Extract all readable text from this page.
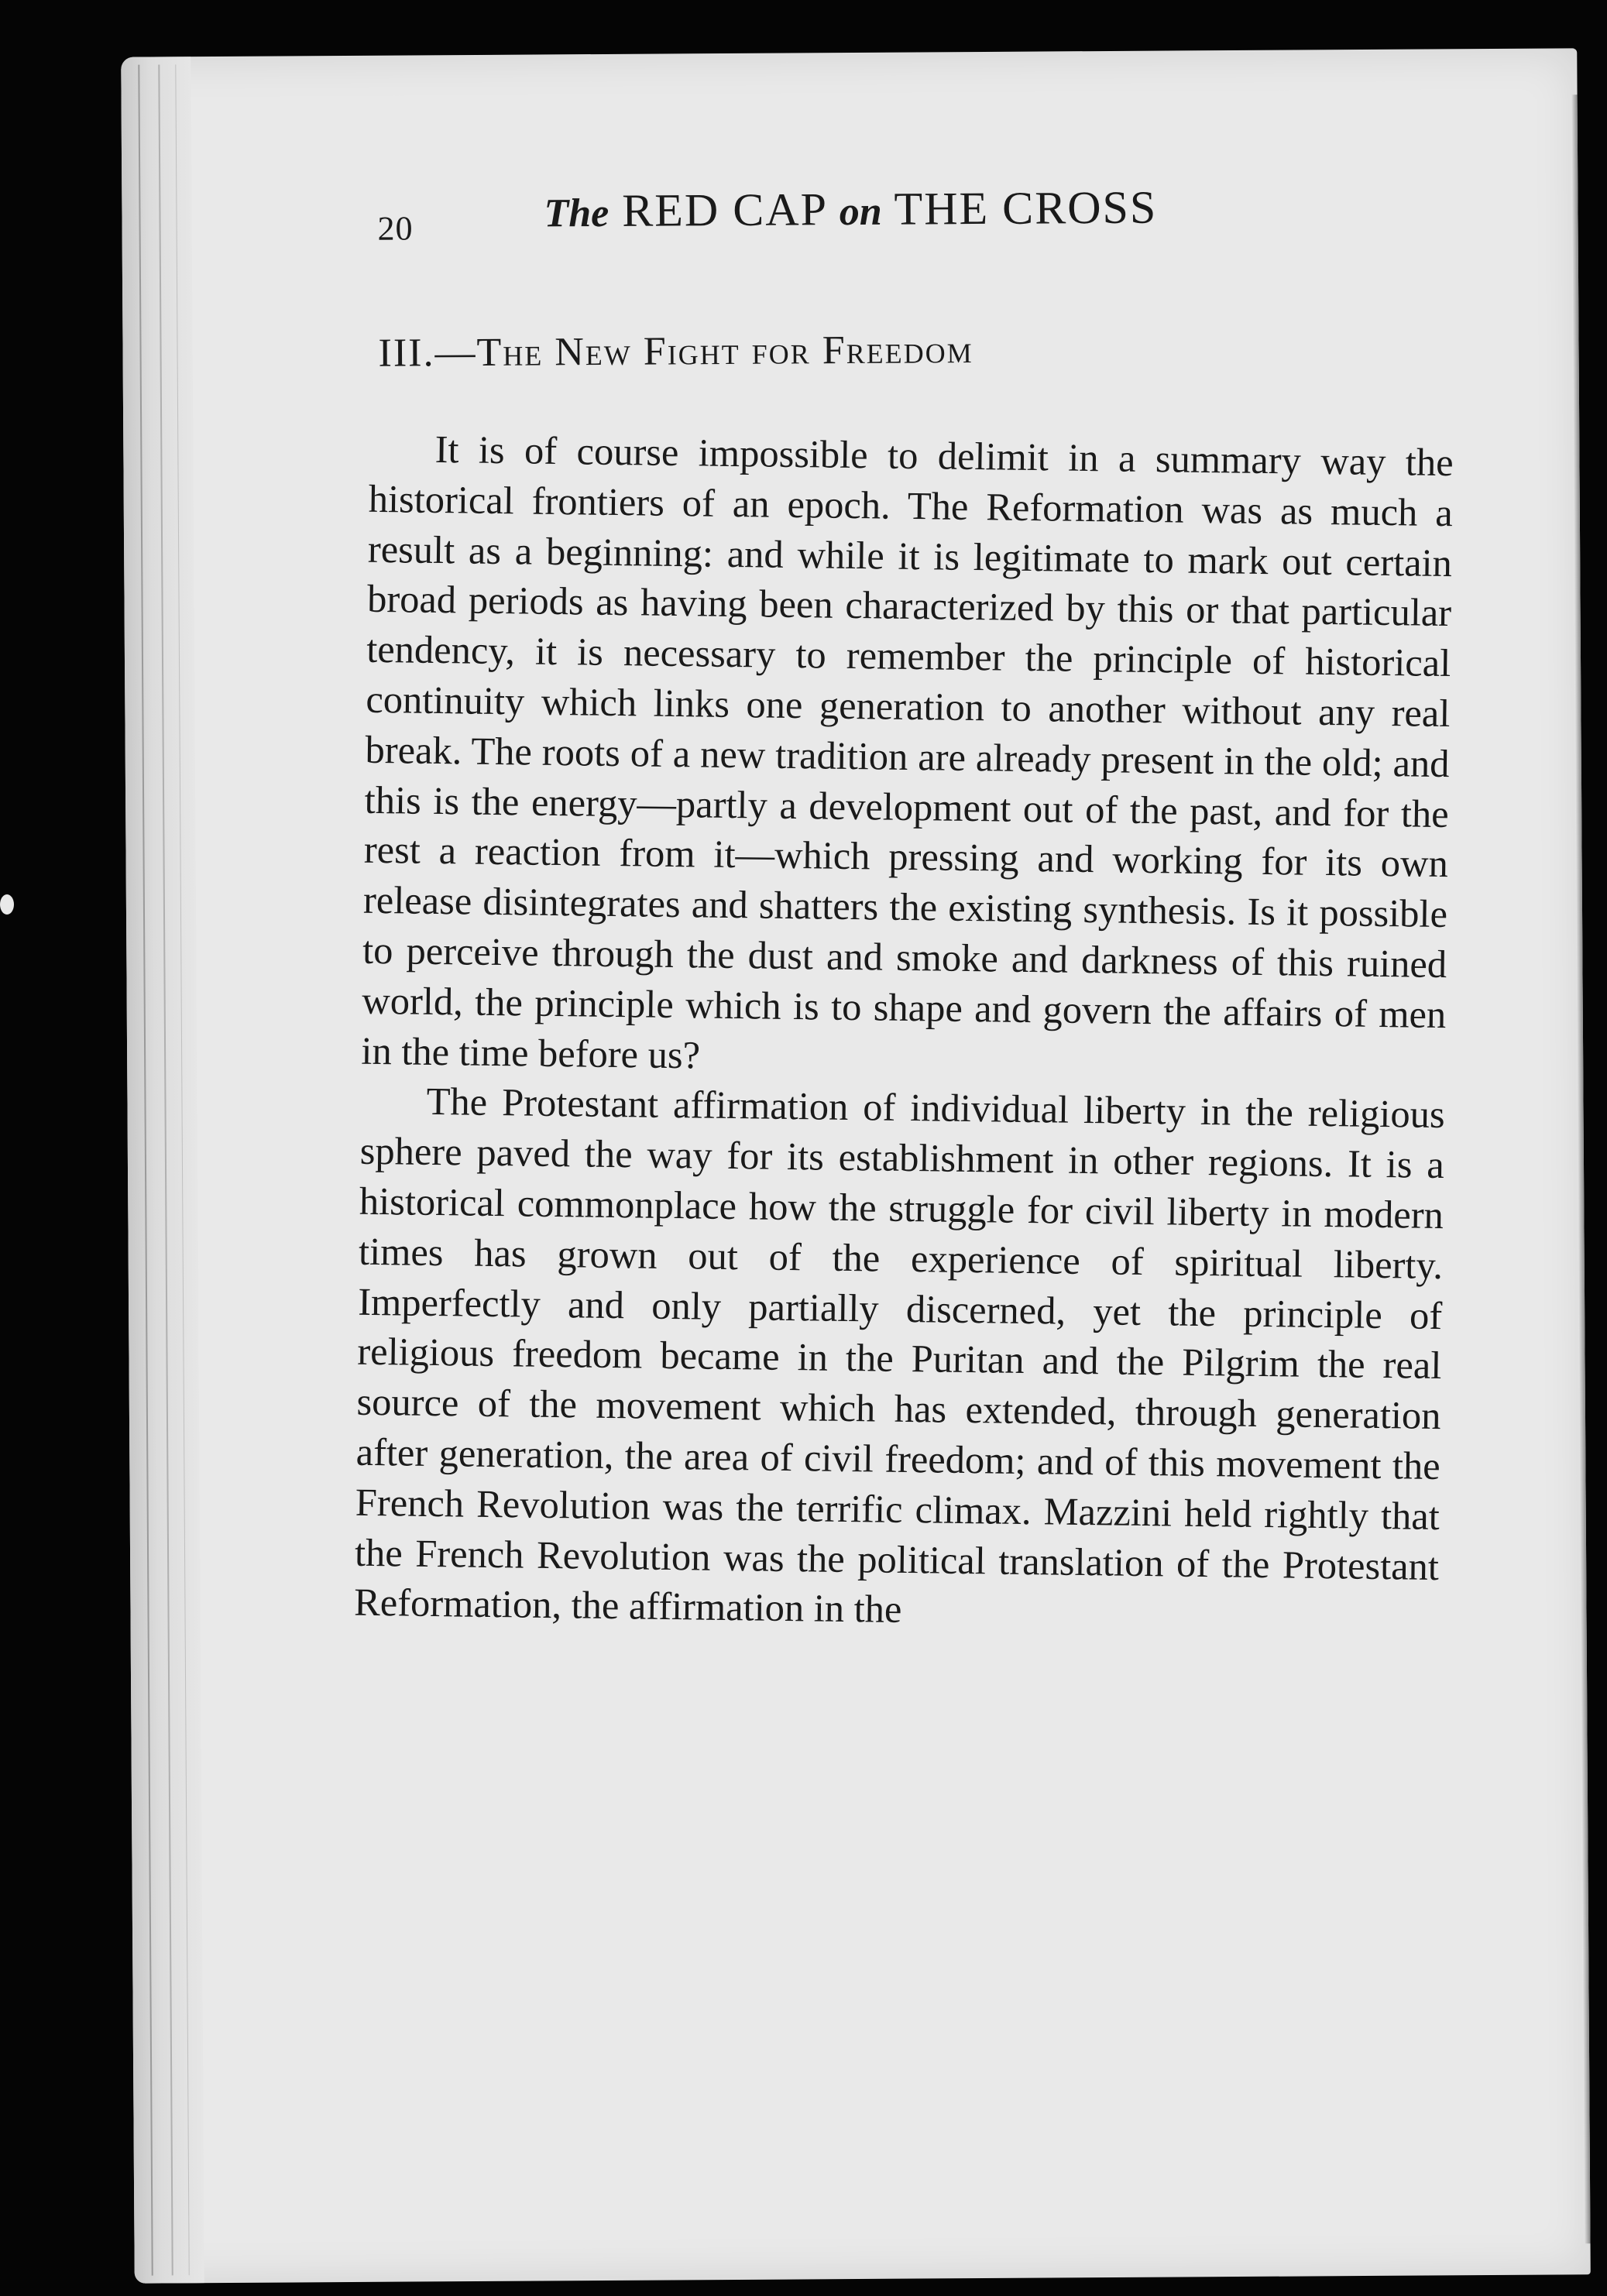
20	The RED CAP on THE CROSS
III.—The New Fight for Freedom

It is of course impossible to delimit in a summary way the historical frontiers of an epoch. The Reformation was as much a result as a beginning: and while it is legitimate to mark out certain broad periods as having been characterized by this or that particular tendency, it is necessary to remember the principle of historical continuity which links one generation to another without any real break. The roots of a new tradition are already present in the old; and this is the energy—partly a development out of the past, and for the rest a reaction from it—which pressing and working for its own release disintegrates and shatters the existing synthesis. Is it possible to perceive through the dust and smoke and darkness of this ruined world, the principle which is to shape and govern the affairs of men in the time before us?

The Protestant affirmation of individual liberty in the religious sphere paved the way for its establishment in other regions. It is a historical commonplace how the struggle for civil liberty in modern times has grown out of the experience of spiritual liberty. Imperfectly and only partially discerned, yet the principle of religious freedom became in the Puritan and the Pilgrim the real source of the movement which has extended, through generation after generation, the area of civil freedom; and of this movement the French Revolution was the terrific climax. Mazzini held rightly that the French Revolution was the political translation of the Protestant Reformation, the affirmation in the
